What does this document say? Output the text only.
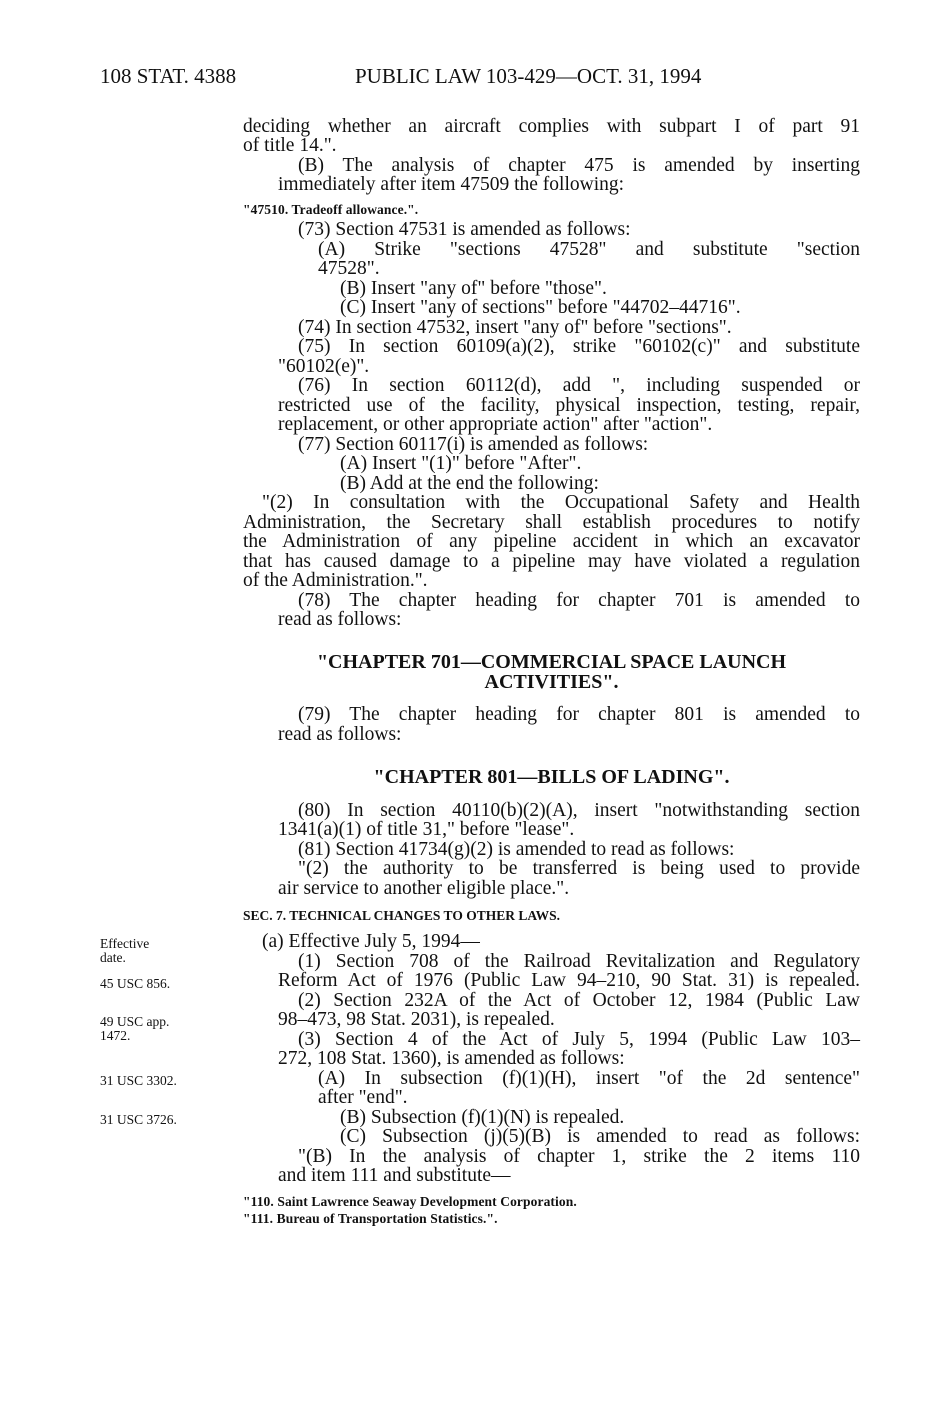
108 STAT. 4388	PUBLIC LAW 103-429—OCT. 31, 1994
deciding whether an aircraft complies with subpart I of part 91
of title 14.".
(B) The analysis of chapter 475 is amended by inserting
immediately after item 47509 the following:
"47510. Tradeoff allowance.".
(73) Section 47531 is amended as follows:
(A) Strike "sections 47528" and substitute "section
47528".
(B) Insert "any of" before "those".
(C) Insert "any of sections" before "44702–44716".
(74) In section 47532, insert "any of" before "sections".
(75) In section 60109(a)(2), strike "60102(c)" and substitute
"60102(e)".
(76) In section 60112(d), add ", including suspended or
restricted use of the facility, physical inspection, testing, repair,
replacement, or other appropriate action" after "action".
(77) Section 60117(i) is amended as follows:
(A) Insert "(1)" before "After".
(B) Add at the end the following:
"(2) In consultation with the Occupational Safety and Health
Administration, the Secretary shall establish procedures to notify
the Administration of any pipeline accident in which an excavator
that has caused damage to a pipeline may have violated a regulation
of the Administration.".
(78) The chapter heading for chapter 701 is amended to
read as follows:
"CHAPTER 701—COMMERCIAL SPACE LAUNCH
ACTIVITIES".
(79) The chapter heading for chapter 801 is amended to
read as follows:
"CHAPTER 801—BILLS OF LADING".
(80) In section 40110(b)(2)(A), insert "notwithstanding section
1341(a)(1) of title 31," before "lease".
(81) Section 41734(g)(2) is amended to read as follows:
"(2) the authority to be transferred is being used to provide
air service to another eligible place.".
SEC. 7. TECHNICAL CHANGES TO OTHER LAWS.
(a) Effective July 5, 1994—
(1) Section 708 of the Railroad Revitalization and Regulatory
Reform Act of 1976 (Public Law 94–210, 90 Stat. 31) is repealed.
(2) Section 232A of the Act of October 12, 1984 (Public Law
98–473, 98 Stat. 2031), is repealed.
(3) Section 4 of the Act of July 5, 1994 (Public Law 103–
272, 108 Stat. 1360), is amended as follows:
(A) In subsection (f)(1)(H), insert "of the 2d sentence"
after "end".
(B) Subsection (f)(1)(N) is repealed.
(C) Subsection (j)(5)(B) is amended to read as follows:
"(B) In the analysis of chapter 1, strike the 2 items 110
and item 111 and substitute—
"110. Saint Lawrence Seaway Development Corporation.
"111. Bureau of Transportation Statistics.".
Effective
date.
45 USC 856.
49 USC app.
1472.
31 USC 3302.
31 USC 3726.
